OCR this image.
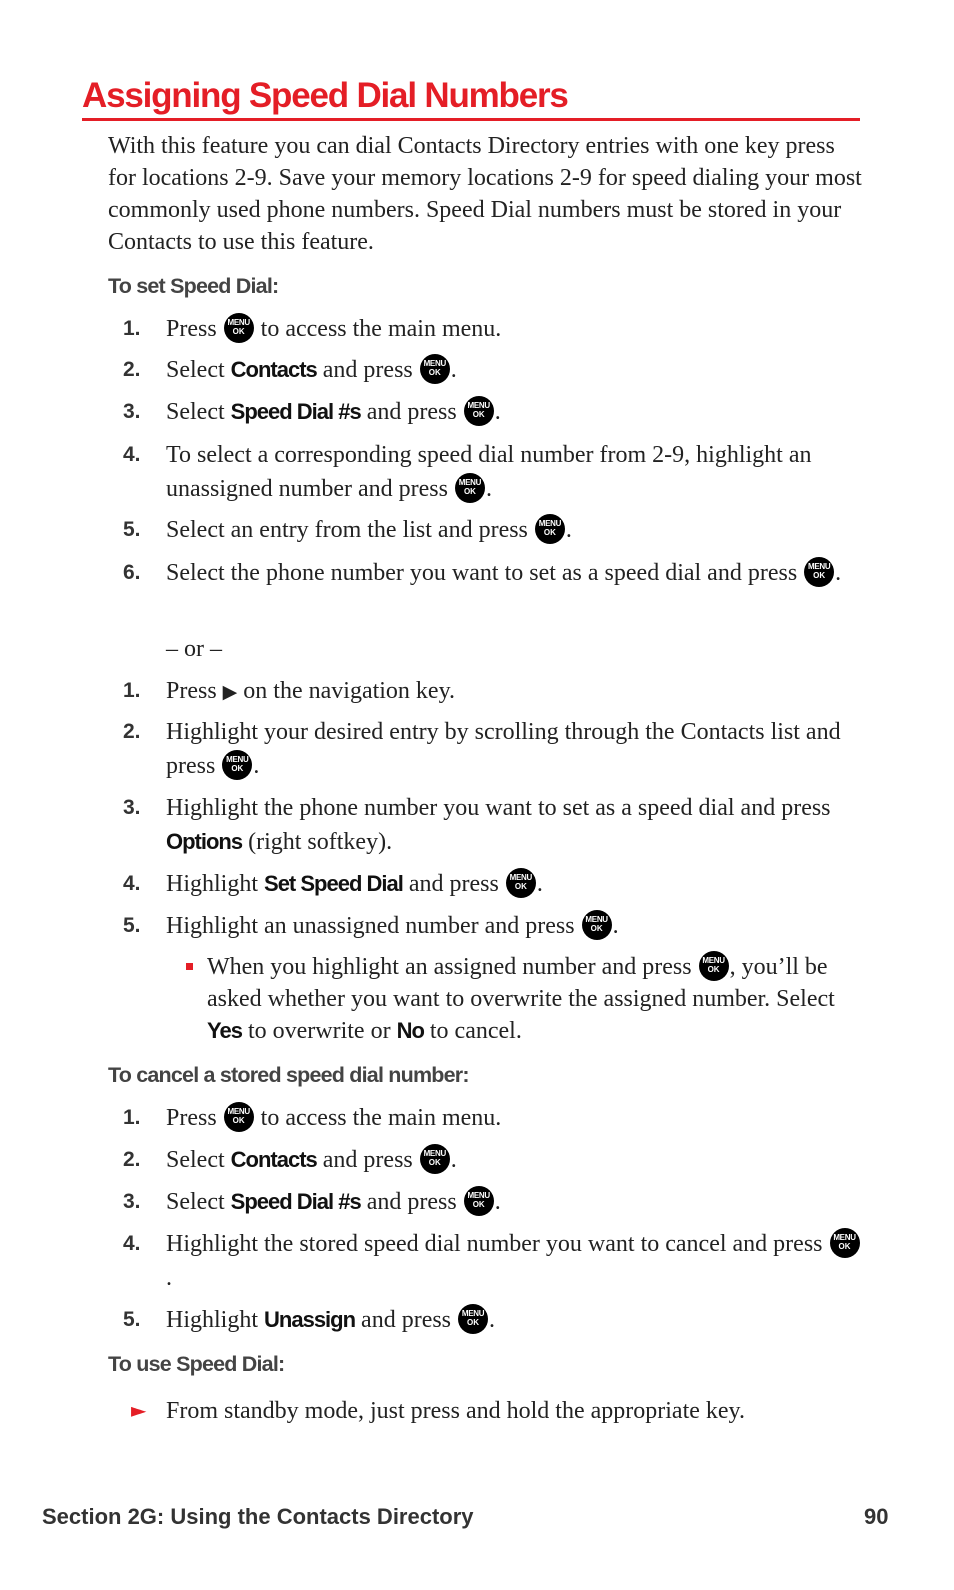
Assigning Speed Dial Numbers

With this feature you can dial Contacts Directory entries with one key press for locations 2-9. Save your memory locations 2-9 for speed dialing your most commonly used phone numbers. Speed Dial numbers must be stored in your Contacts to use this feature.

To set Speed Dial:

1.	Press MENU
OK to access the main menu.
2.	Select Contacts and press MENU
OK .
3.	Select Speed Dial #s and press MENU
OK .
4.	To select a corresponding speed dial number from 2-9, highlight an unassigned number and press MENU
OK .
5.	Select an entry from the list and press MENU
OK .
6.	Select the phone number you want to set as a speed dial and press MENU
OK .
– or –
1.	Press ▶ on the navigation key.
2.	Highlight your desired entry by scrolling through the Contacts list and press MENU
OK .
3.	Highlight the phone number you want to set as a speed dial and press Options (right softkey).
4.	Highlight Set Speed Dial and press MENU
OK .
5.	Highlight an unassigned number and press MENU
OK .
When you highlight an assigned number and press MENU
OK , you’ll be asked whether you want to overwrite the assigned number. Select Yes to overwrite or No to cancel.

To cancel a stored speed dial number:

1.	Press MENU
OK to access the main menu.
2.	Select Contacts and press MENU
OK .
3.	Select Speed Dial #s and press MENU
OK .
4.	Highlight the stored speed dial number you want to cancel and press MENU
OK
.
5.	Highlight Unassign and press MENU
OK .

To use Speed Dial:

► From standby mode, just press and hold the appropriate key.
Section 2G: Using the Contacts Directory	90
